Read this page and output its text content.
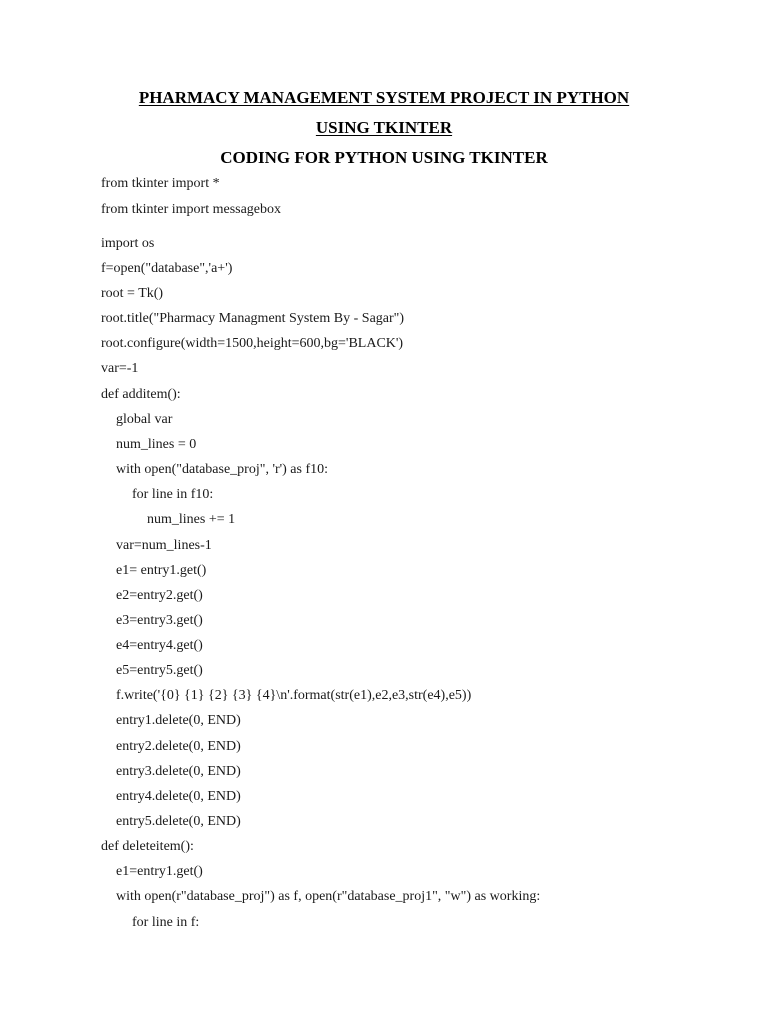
PHARMACY MANAGEMENT SYSTEM PROJECT IN PYTHON
USING TKINTER
CODING FOR PYTHON USING TKINTER
from tkinter import *
from tkinter import messagebox
import os
f=open("database",'a+')
root = Tk()
root.title("Pharmacy Managment System By - Sagar")
root.configure(width=1500,height=600,bg='BLACK')
var=-1
def additem():
global var
num_lines = 0
with open("database_proj", 'r') as f10:
for line in f10:
num_lines += 1
var=num_lines-1
e1= entry1.get()
e2=entry2.get()
e3=entry3.get()
e4=entry4.get()
e5=entry5.get()
f.write('{0} {1} {2} {3} {4}\n'.format(str(e1),e2,e3,str(e4),e5))
entry1.delete(0, END)
entry2.delete(0, END)
entry3.delete(0, END)
entry4.delete(0, END)
entry5.delete(0, END)
def deleteitem():
e1=entry1.get()
with open(r"database_proj") as f, open(r"database_proj1", "w") as working:
for line in f:
